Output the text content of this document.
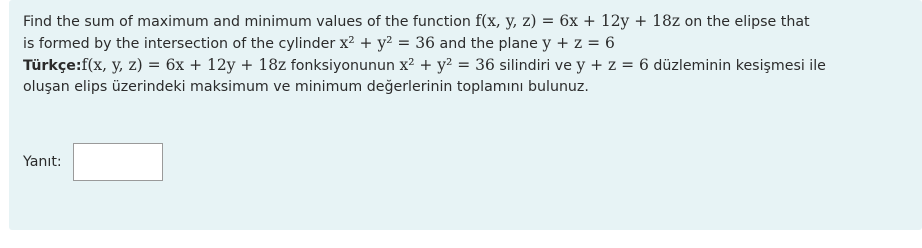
Find the sum of maximum and minimum values of the function f(x, y, z) = 6x + 12y + 18z on the elipse that
is formed by the intersection of the cylinder x² + y² = 36 and the plane y + z = 6
Türkçe:f(x, y, z) = 6x + 12y + 18z fonksiyonunun x² + y² = 36 silindiri ve y + z = 6 düzleminin kesişmesi ile
oluşan elips üzerindeki maksimum ve minimum değerlerinin toplamını bulunuz.
Yanıt:
